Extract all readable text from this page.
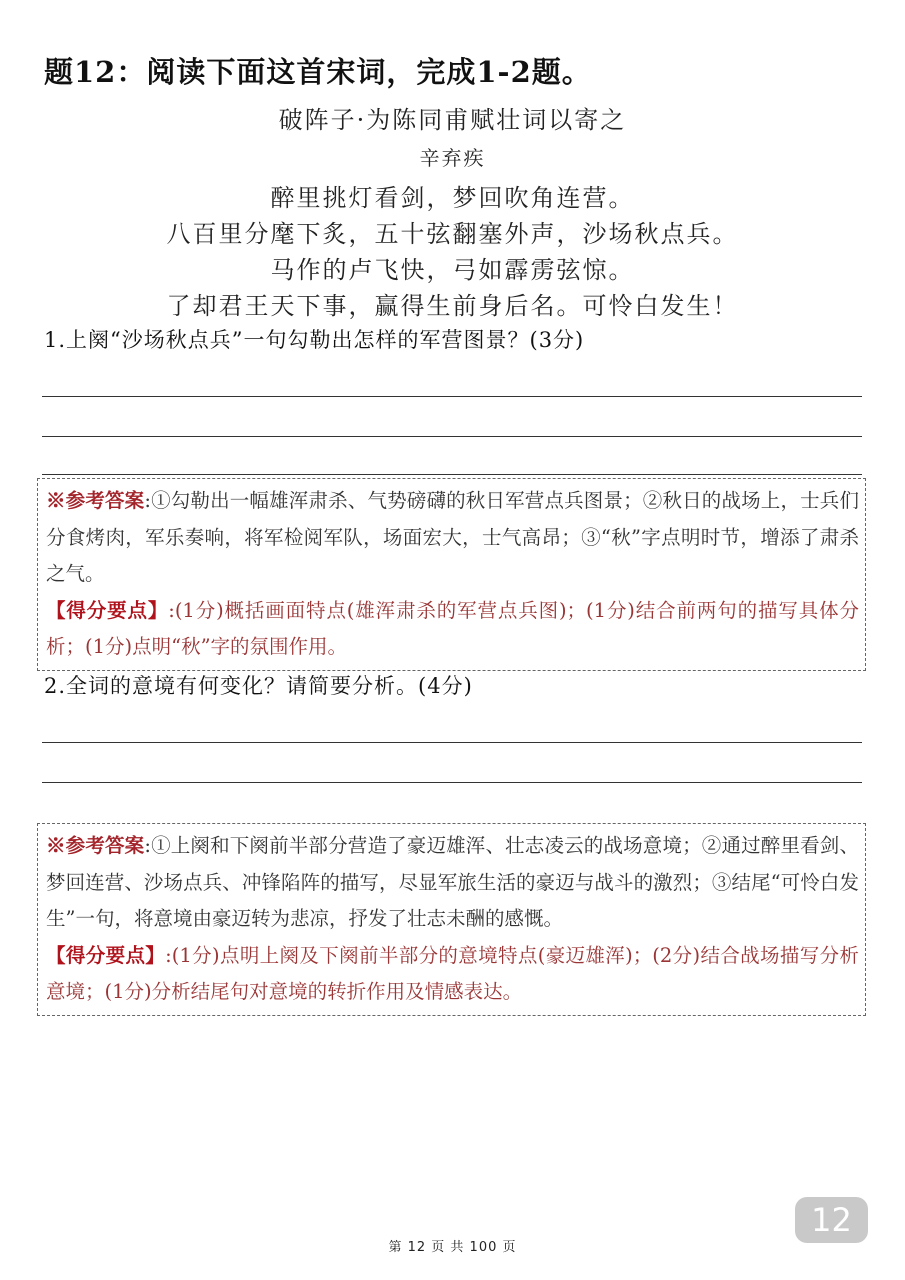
题12：阅读下面这首宋词，完成1-2题。
破阵子·为陈同甫赋壮词以寄之
辛弃疾
醉里挑灯看剑，梦回吹角连营。
八百里分麾下炙，五十弦翻塞外声，沙场秋点兵。
马作的卢飞快，弓如霹雳弦惊。
了却君王天下事，赢得生前身后名。可怜白发生！
1.上阕“沙场秋点兵”一句勾勒出怎样的军营图景？(3分)

※参考答案:①勾勒出一幅雄浑肃杀、气势磅礴的秋日军营点兵图景；②秋日的战场上，士兵们分食烤肉，军乐奏响，将军检阅军队，场面宏大，士气高昂；③“秋”字点明时节，增添了肃杀之气。

【得分要点】:(1分)概括画面特点(雄浑肃杀的军营点兵图)；(1分)结合前两句的描写具体分析；(1分)点明“秋”字的氛围作用。

2.全词的意境有何变化？请简要分析。(4分)

※参考答案:①上阕和下阕前半部分营造了豪迈雄浑、壮志凌云的战场意境；②通过醉里看剑、梦回连营、沙场点兵、冲锋陷阵的描写，尽显军旅生活的豪迈与战斗的激烈；③结尾“可怜白发生”一句，将意境由豪迈转为悲凉，抒发了壮志未酬的感慨。

【得分要点】:(1分)点明上阕及下阕前半部分的意境特点(豪迈雄浑)；(2分)结合战场描写分析意境；(1分)分析结尾句对意境的转折作用及情感表达。

12
第 12 页 共 100 页
